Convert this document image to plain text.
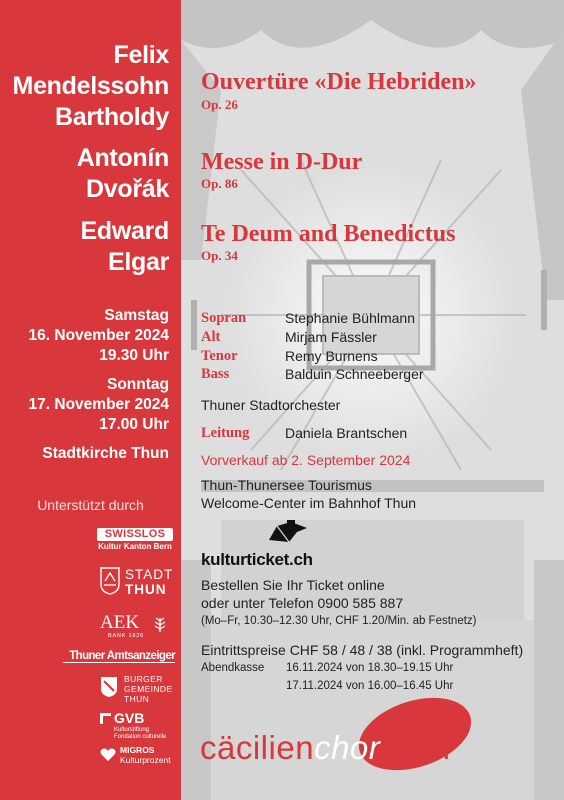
Felix
Mendelssohn
Bartholdy
Antonín
Dvořák
Edward
Elgar
Samstag
16. November 2024
19.30 Uhr
Sonntag
17. November 2024
17.00 Uhr
Stadtkirche Thun
Unterstützt durch
SWISSLOS
Kultur Kanton Bern
STADT
THUN
AEK
BANK 1826
Thuner Amtsanzeiger
BURGER
GEMEINDE
THUN
GVB
Kulturstiftung
Fondation culturelle
MIGROS
Kulturprozent
Ouvertüre «Die Hebriden»
Op. 26
Messe in D-Dur
Op. 86
Te Deum and Benedictus
Op. 34
Sopran	Stephanie Bühlmann
Alt	Mirjam Fässler
Tenor	Remy Burnens
Bass	Balduin Schneeberger
Thuner Stadtorchester
Leitung	Daniela Brantschen
Vorverkauf ab 2. September 2024
Thun-Thunersee Tourismus
Welcome-Center im Bahnhof Thun
kulturticket.ch
Bestellen Sie Ihr Ticket online
oder unter Telefon 0900 585 887
(Mo–Fr, 10.30–12.30 Uhr, CHF 1.20/Min. ab Festnetz)
Eintrittspreise CHF 58 / 48 / 38 (inkl. Programmheft)
Abendkasse 16.11.2024 von 18.30–19.15 Uhr
17.11.2024 von 16.00–16.45 Uhr
cäcilienchor thun
